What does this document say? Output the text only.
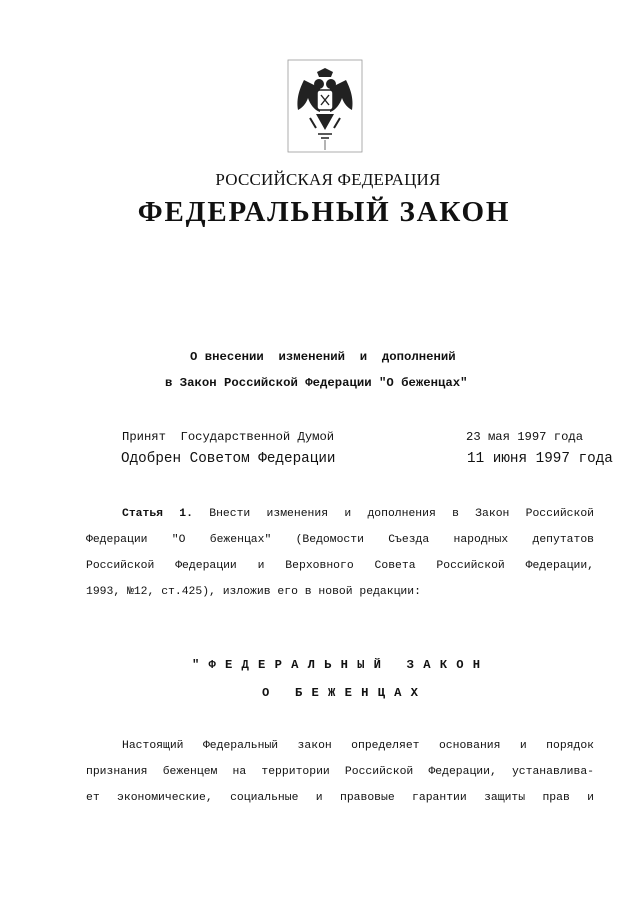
РОССИЙСКАЯ ФЕДЕРАЦИЯ
ФЕДЕРАЛЬНЫЙ ЗАКОН
О внесении  изменений  и  дополнений
в Закон Российской Федерации "О беженцах"
Принят  Государственной Думой	23 мая 1997 года
Одобрен Советом Федерации	11 июня 1997 года
Статья 1. Внести изменения и дополнения в Закон Российской
Федерации "О беженцах" (Ведомости Съезда народных депутатов
Российской Федерации и Верховного Совета Российской Федерации,
1993, №12, ст.425), изложив его в новой редакции:
"ФЕДЕРАЛЬНЫЙ ЗАКОН
О БЕЖЕНЦАХ
Настоящий Федеральный закон определяет основания и порядок
признания беженцем на территории Российской Федерации, устанавлива-
ет экономические, социальные и правовые гарантии защиты прав и
